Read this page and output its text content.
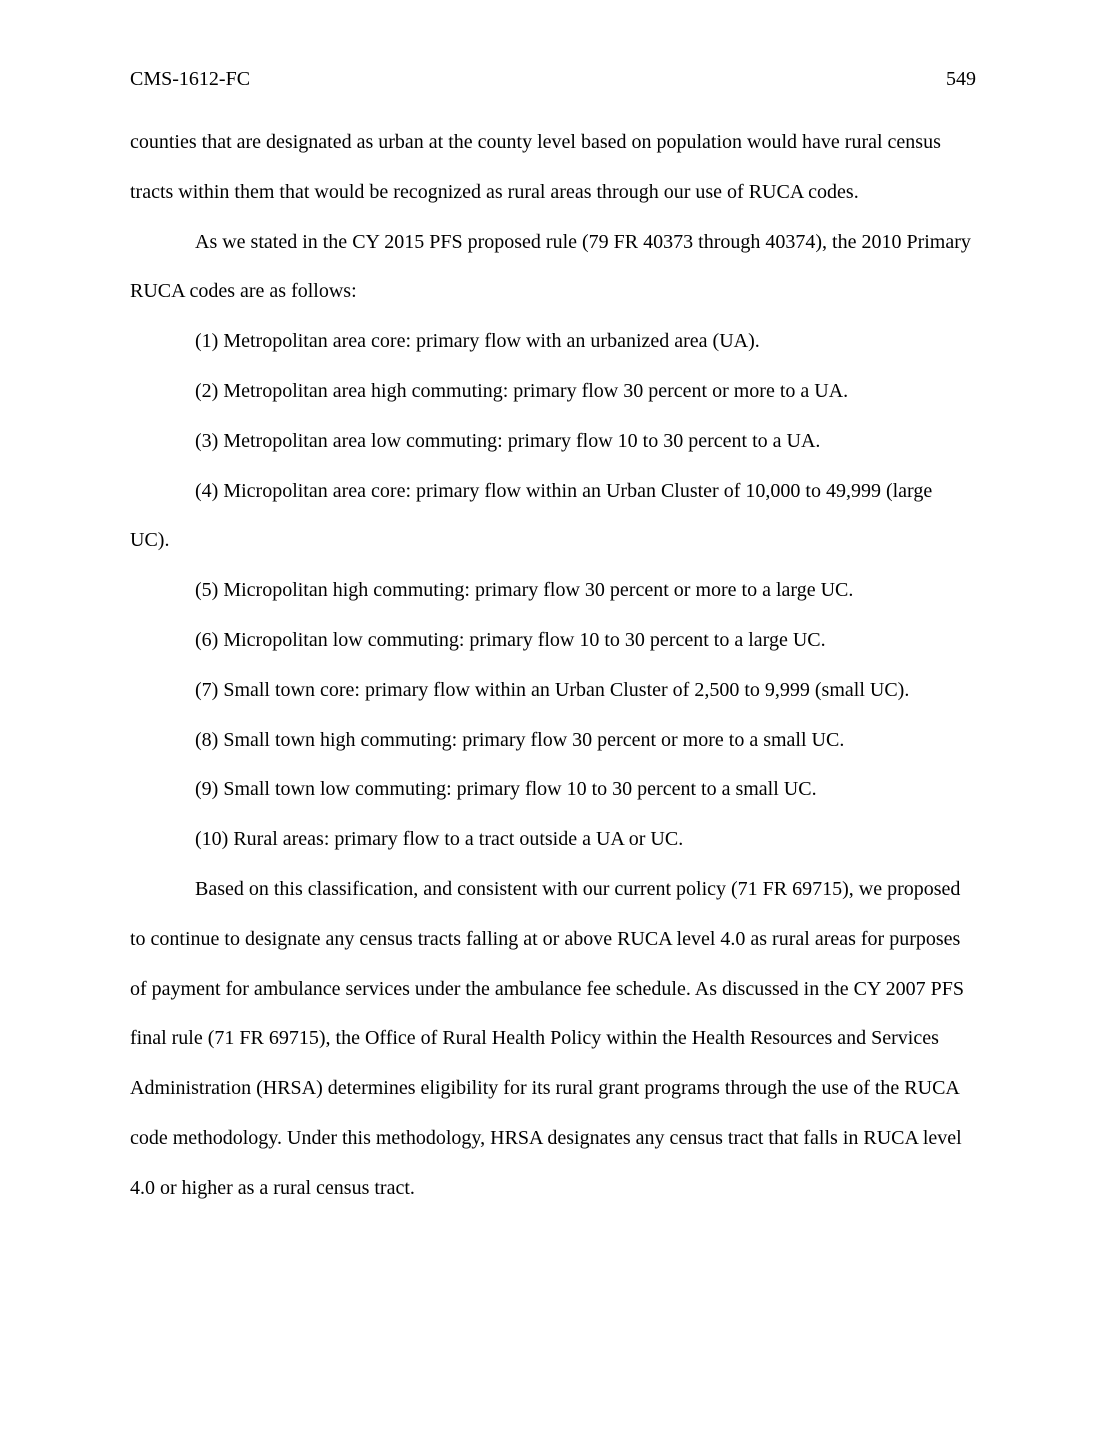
CMS-1612-FC	549

counties that are designated as urban at the county level based on population would have rural census tracts within them that would be recognized as rural areas through our use of RUCA codes.

As we stated in the CY 2015 PFS proposed rule (79 FR 40373 through 40374), the 2010 Primary RUCA codes are as follows:

(1) Metropolitan area core: primary flow with an urbanized area (UA).

(2) Metropolitan area high commuting: primary flow 30 percent or more to a UA.

(3) Metropolitan area low commuting: primary flow 10 to 30 percent to a UA.

(4) Micropolitan area core: primary flow within an Urban Cluster of 10,000 to 49,999 (large UC).

(5) Micropolitan high commuting: primary flow 30 percent or more to a large UC.

(6) Micropolitan low commuting: primary flow 10 to 30 percent to a large UC.

(7) Small town core: primary flow within an Urban Cluster of 2,500 to 9,999 (small UC).

(8) Small town high commuting: primary flow 30 percent or more to a small UC.

(9) Small town low commuting: primary flow 10 to 30 percent to a small UC.

(10) Rural areas: primary flow to a tract outside a UA or UC.

Based on this classification, and consistent with our current policy (71 FR 69715), we proposed to continue to designate any census tracts falling at or above RUCA level 4.0 as rural areas for purposes of payment for ambulance services under the ambulance fee schedule. As discussed in the CY 2007 PFS final rule (71 FR 69715), the Office of Rural Health Policy within the Health Resources and Services Administration (HRSA) determines eligibility for its rural grant programs through the use of the RUCA code methodology. Under this methodology, HRSA designates any census tract that falls in RUCA level 4.0 or higher as a rural census tract.
